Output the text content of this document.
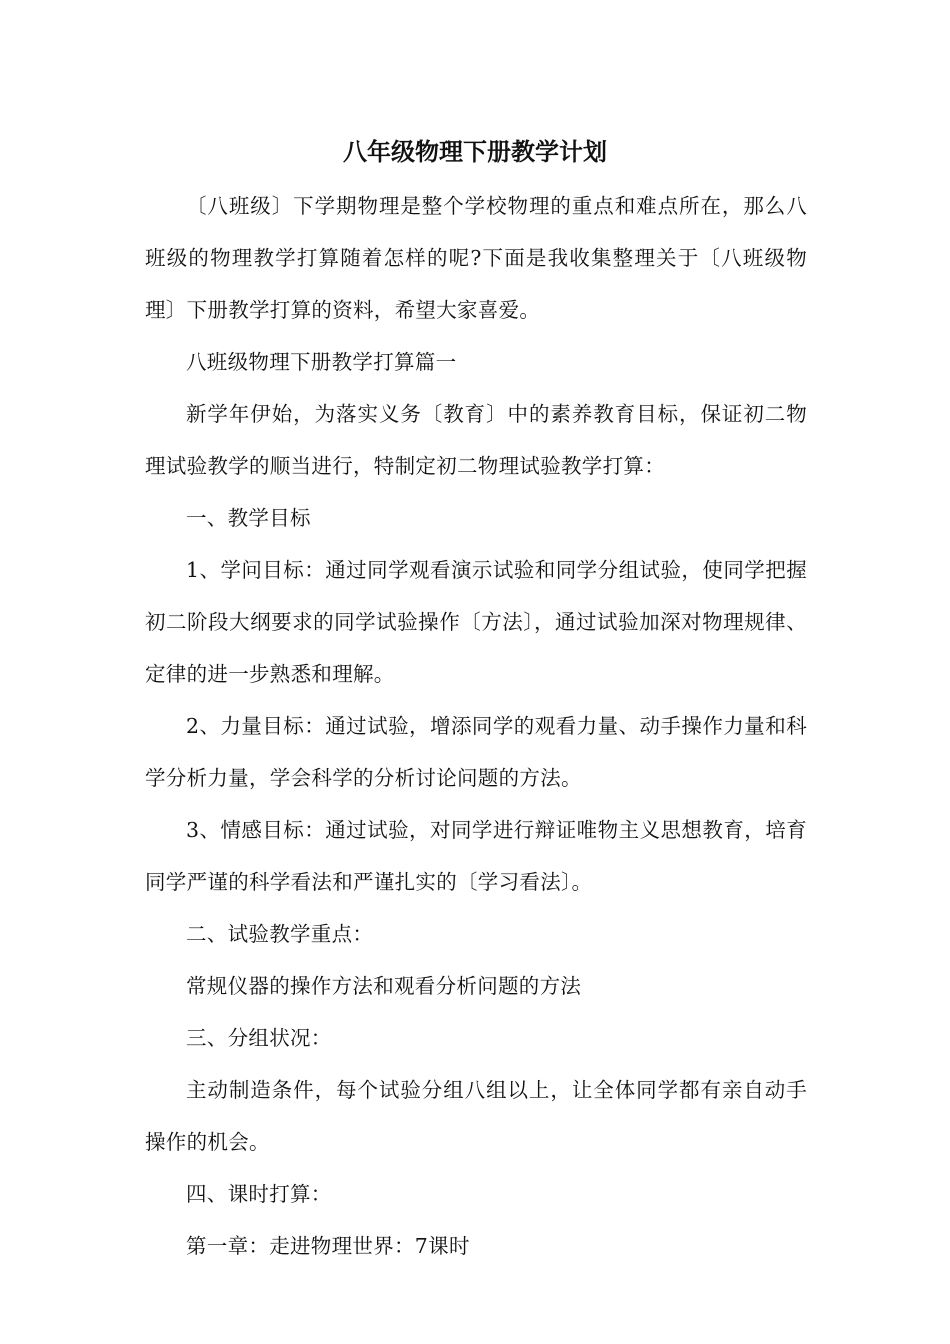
八年级物理下册教学计划

〔八班级〕下学期物理是整个学校物理的重点和难点所在，那么八班级的物理教学打算随着怎样的呢?下面是我收集整理关于〔八班级物理〕下册教学打算的资料，希望大家喜爱。

八班级物理下册教学打算篇一

新学年伊始，为落实义务〔教育〕中的素养教育目标，保证初二物理试验教学的顺当进行，特制定初二物理试验教学打算：

一、教学目标

1、学问目标：通过同学观看演示试验和同学分组试验，使同学把握 初二阶段大纲要求的同学试验操作〔方法〕，通过试验加深对物理规律、定律的进一步熟悉和理解。

2、力量目标：通过试验，增添同学的观看力量、动手操作力量和科学分析力量，学会科学的分析讨论问题的方法。

3、情感目标：通过试验，对同学进行辩证唯物主义思想教育，培育同学严谨的科学看法和严谨扎实的〔学习看法〕。

二、试验教学重点：

常规仪器的操作方法和观看分析问题的方法

三、分组状况：

主动制造条件，每个试验分组八组以上，让全体同学都有亲自动手操作的机会。

四、课时打算：

第一章：走进物理世界：7课时
